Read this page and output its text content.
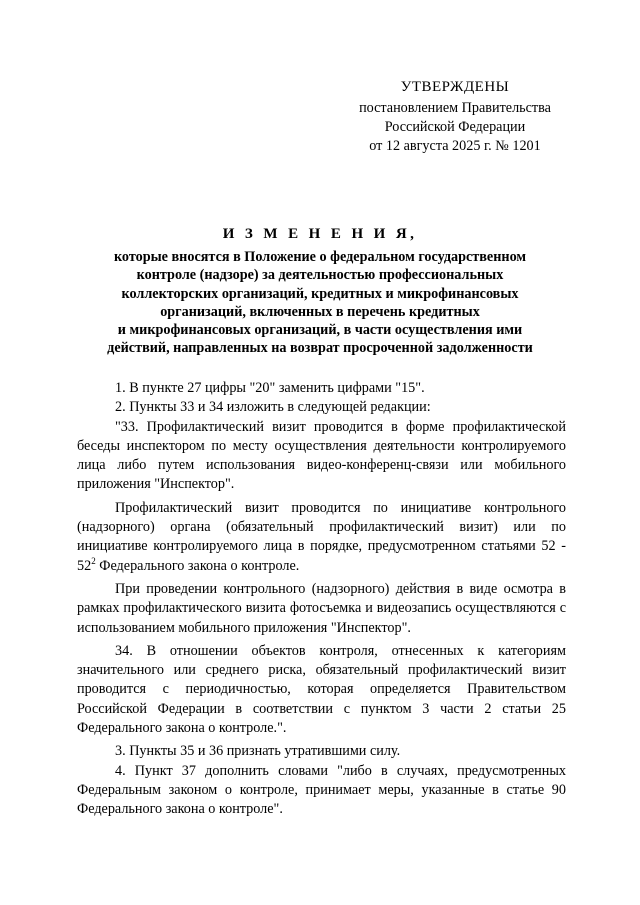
УТВЕРЖДЕНЫ
постановлением Правительства
Российской Федерации
от 12 августа 2025 г. № 1201
И З М Е Н Е Н И Я,
которые вносятся в Положение о федеральном государственном
контроле (надзоре) за деятельностью профессиональных
коллекторских организаций, кредитных и микрофинансовых
организаций, включенных в перечень кредитных
и микрофинансовых организаций, в части осуществления ими
действий, направленных на возврат просроченной задолженности

1. В пункте 27 цифры "20" заменить цифрами "15".

2. Пункты 33 и 34 изложить в следующей редакции:

"33. Профилактический визит проводится в форме профилактической беседы инспектором по месту осуществления деятельности контролируемого лица либо путем использования видео-конференц-связи или мобильного приложения "Инспектор".

Профилактический визит проводится по инициативе контрольного (надзорного) органа (обязательный профилактический визит) или по инициативе контролируемого лица в порядке, предусмотренном статьями $52 - 52^2$ Федерального закона о контроле.

При проведении контрольного (надзорного) действия в виде осмотра в рамках профилактического визита фотосъемка и видеозапись осуществляются с использованием мобильного приложения "Инспектор".

34. В отношении объектов контроля, отнесенных к категориям значительного или среднего риска, обязательный профилактический визит проводится с периодичностью, которая определяется Правительством Российской Федерации в соответствии с пунктом 3 части 2 статьи 25 Федерального закона о контроле.".

3. Пункты 35 и 36 признать утратившими силу.

4. Пункт 37 дополнить словами "либо в случаях, предусмотренных Федеральным законом о контроле, принимает меры, указанные в статье 90 Федерального закона о контроле".
